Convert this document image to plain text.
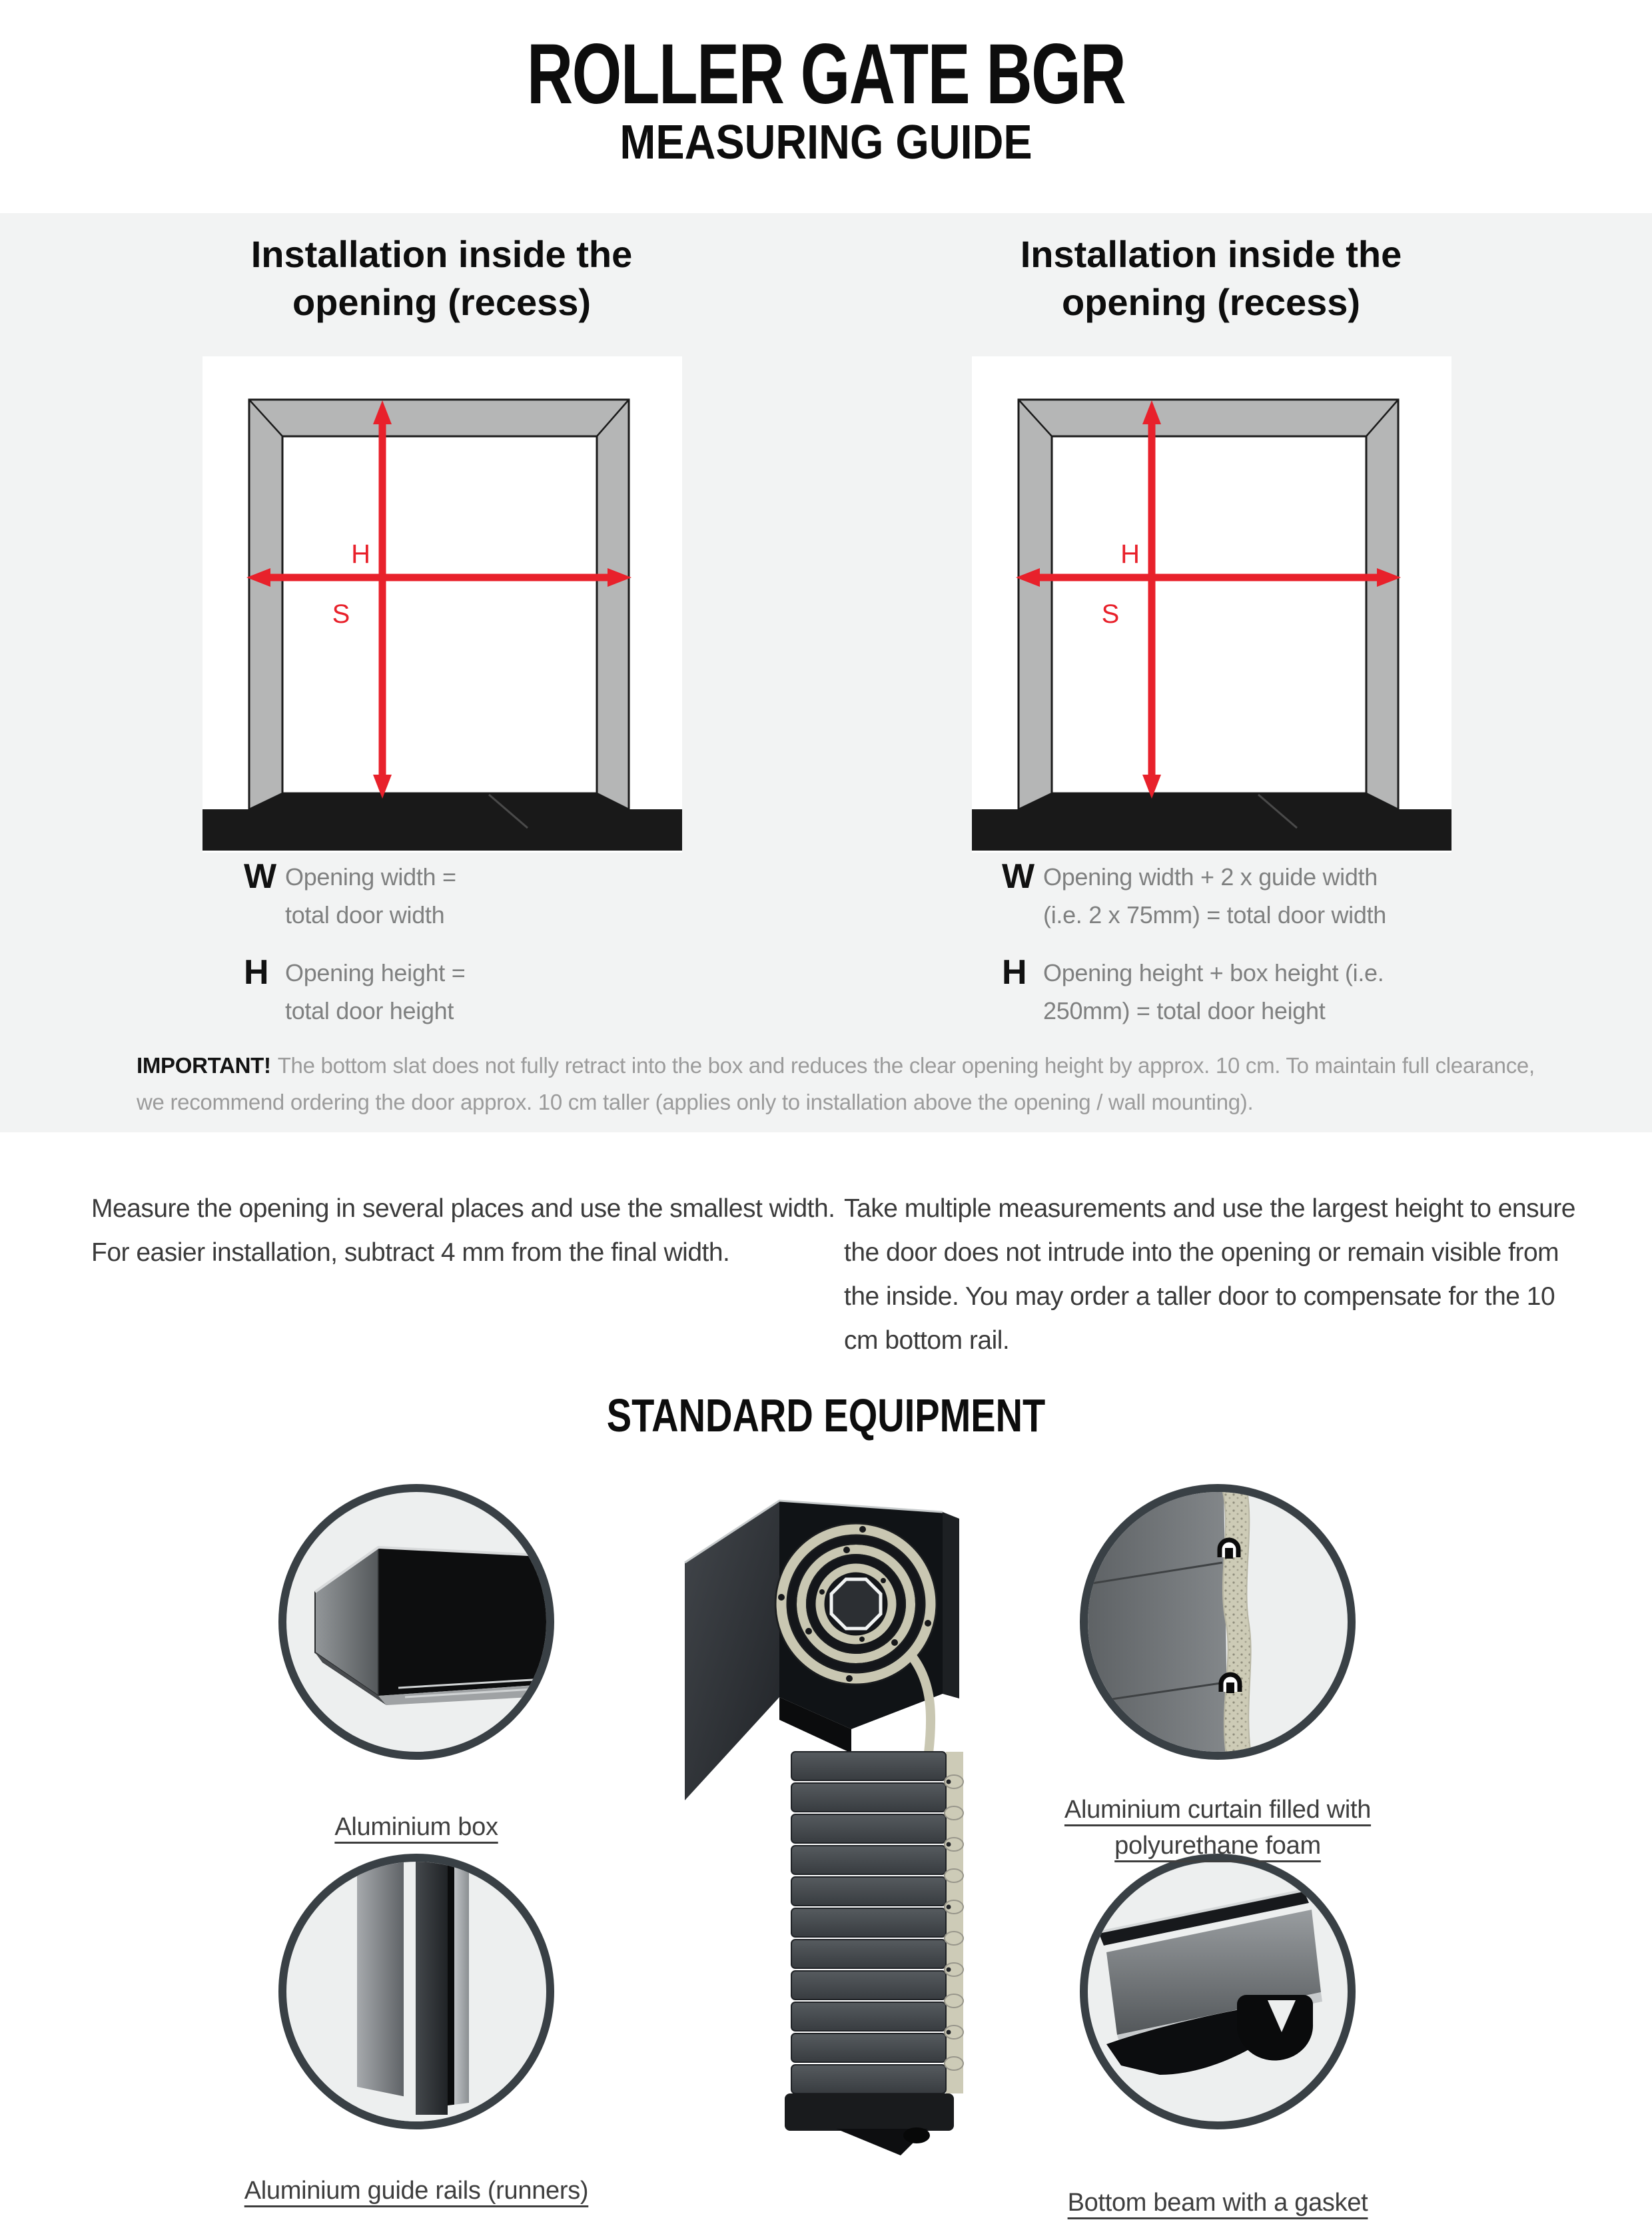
ROLLER GATE BGR
MEASURING GUIDE
Installation inside the
opening (recess)
Installation inside the
opening (recess)
H
S
H
S
W Opening width =
total door width
H Opening height =
total door height
W Opening width + 2 x guide width
(i.e. 2 x 75mm) = total door width
H Opening height + box height (i.e.
250mm) = total door height
IMPORTANT! The bottom slat does not fully retract into the box and reduces the clear opening height by approx. 10 cm. To maintain full clearance,
we recommend ordering the door approx. 10 cm taller (applies only to installation above the opening / wall mounting).
Measure the opening in several places and use the smallest width.
For easier installation, subtract 4 mm from the final width.
Take multiple measurements and use the largest height to ensure
the door does not intrude into the opening or remain visible from
the inside. You may order a taller door to compensate for the 10
cm bottom rail.
STANDARD EQUIPMENT
Aluminium box
Aluminium curtain filled with
polyurethane foam
Aluminium guide rails (runners)	Bottom beam with a gasket
